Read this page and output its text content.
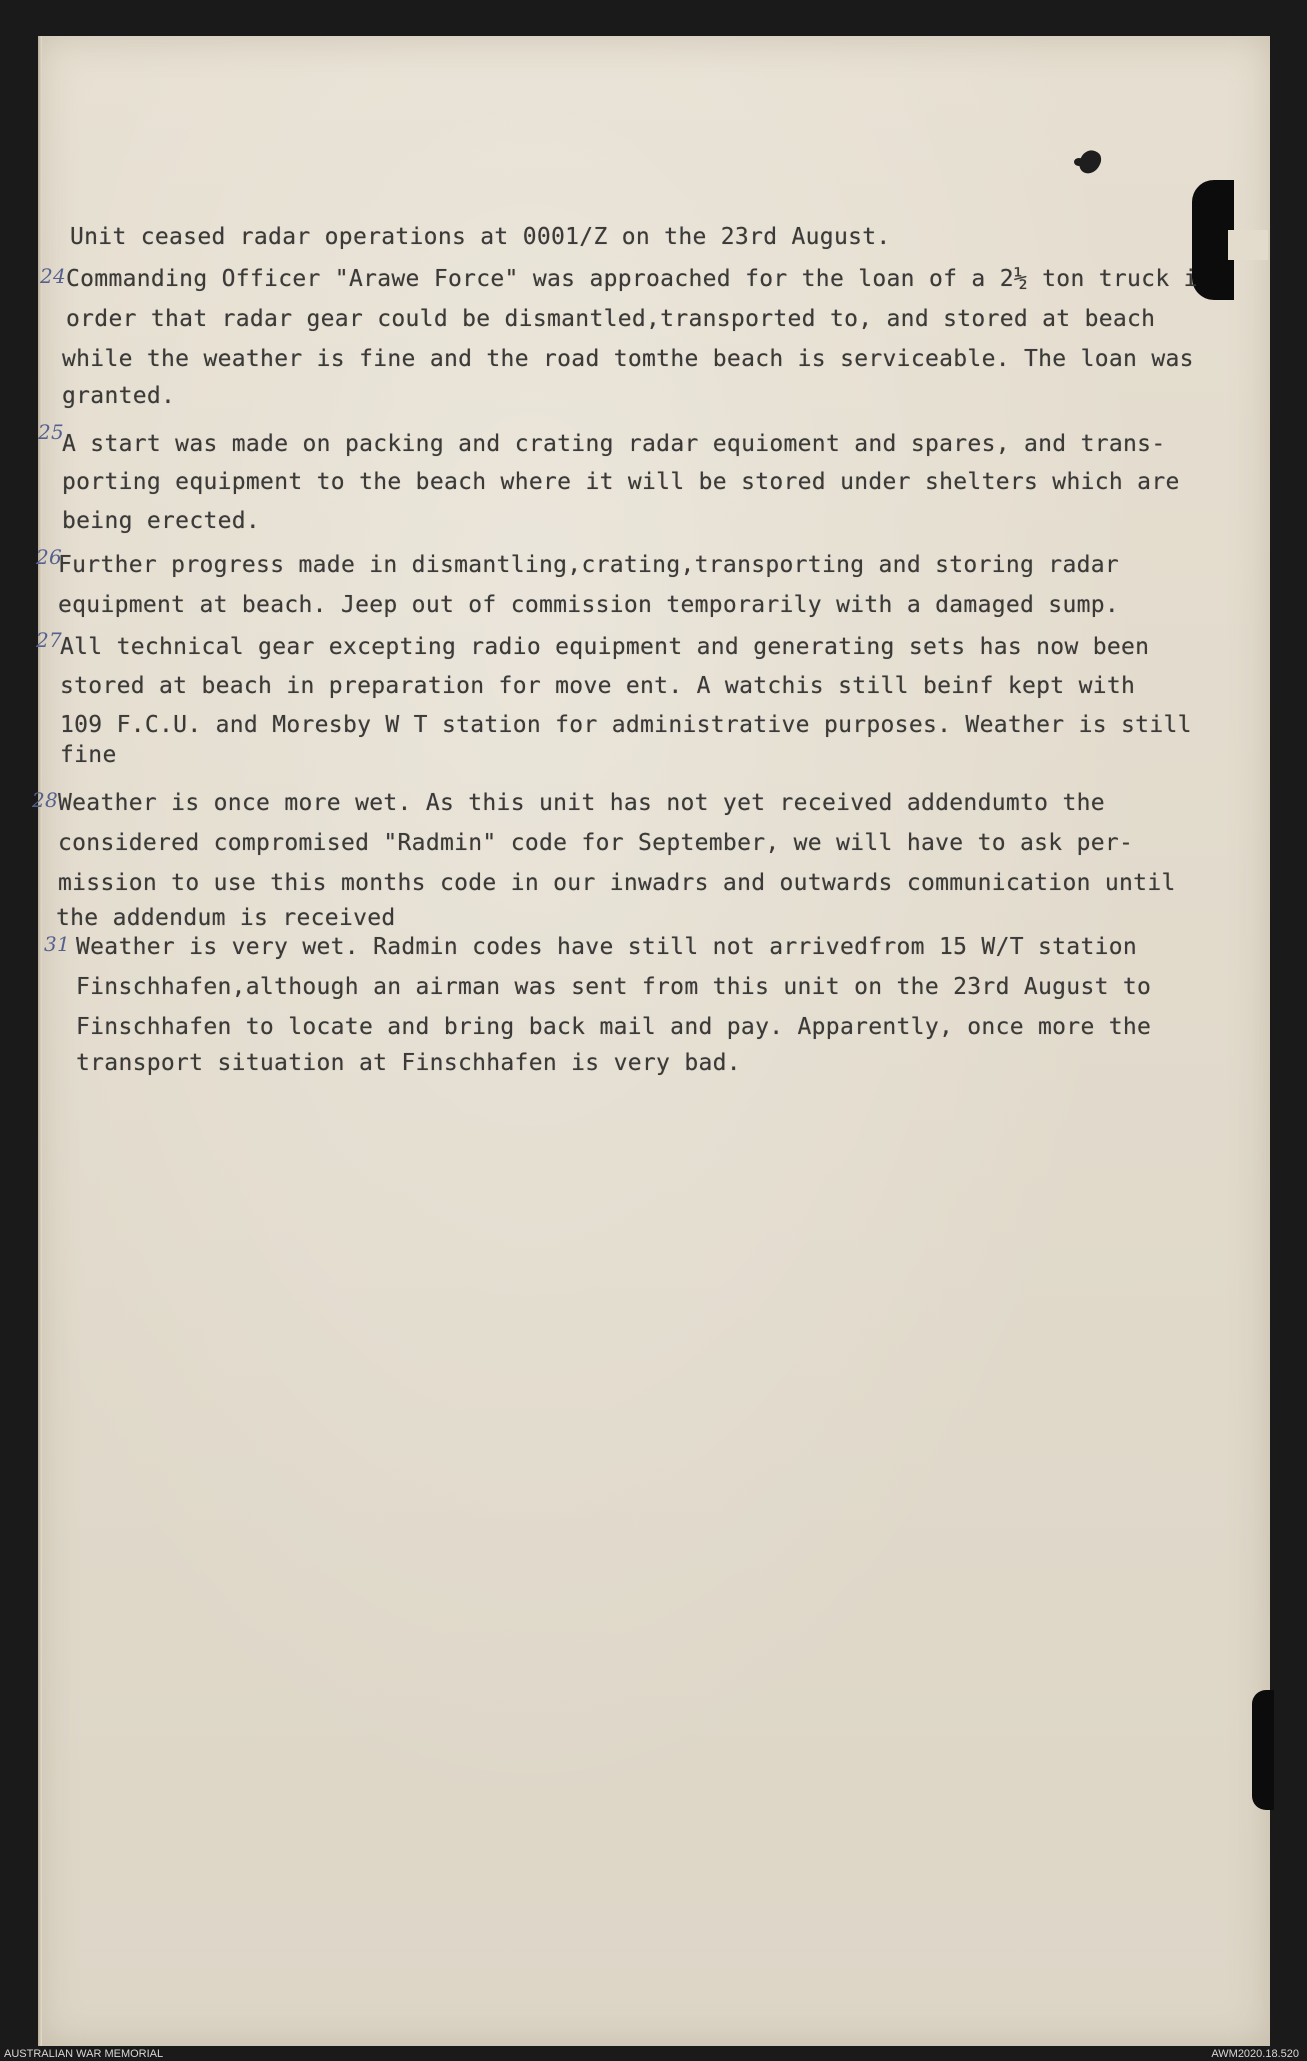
Unit ceased radar operations at 0001/Z on the 23rd August.
24 Commanding Officer "Arawe Force" was approached for the loan of a 2½ ton truck i
order that radar gear could be dismantled,transported to, and stored at beach
while the weather is fine and the road tomthe beach is serviceable. The loan was
granted.
25
A start was made on packing and crating radar equioment and spares, and trans-
porting equipment to the beach where it will be stored under shelters which are
being erected.
26
Further progress made in dismantling,crating,transporting and storing radar
equipment at beach. Jeep out of commission temporarily with a damaged sump.
27
All technical gear excepting radio equipment and generating sets has now been
stored at beach in preparation for move ent. A watchis still beinf kept with
109 F.C.U. and Moresby W T station for administrative purposes. Weather is still
fine
28 Weather is once more wet. As this unit has not yet received addendumto the
considered compromised "Radmin" code for September, we will have to ask per-
mission to use this months code in our inwadrs and outwards communication until
the addendum is received
31 Weather is very wet. Radmin codes have still not arrivedfrom 15 W/T station
Finschhafen,although an airman was sent from this unit on the 23rd August to
Finschhafen to locate and bring back mail and pay. Apparently, once more the
transport situation at Finschhafen is very bad.
AUSTRALIAN WAR MEMORIAL	AWM2020.18.520
